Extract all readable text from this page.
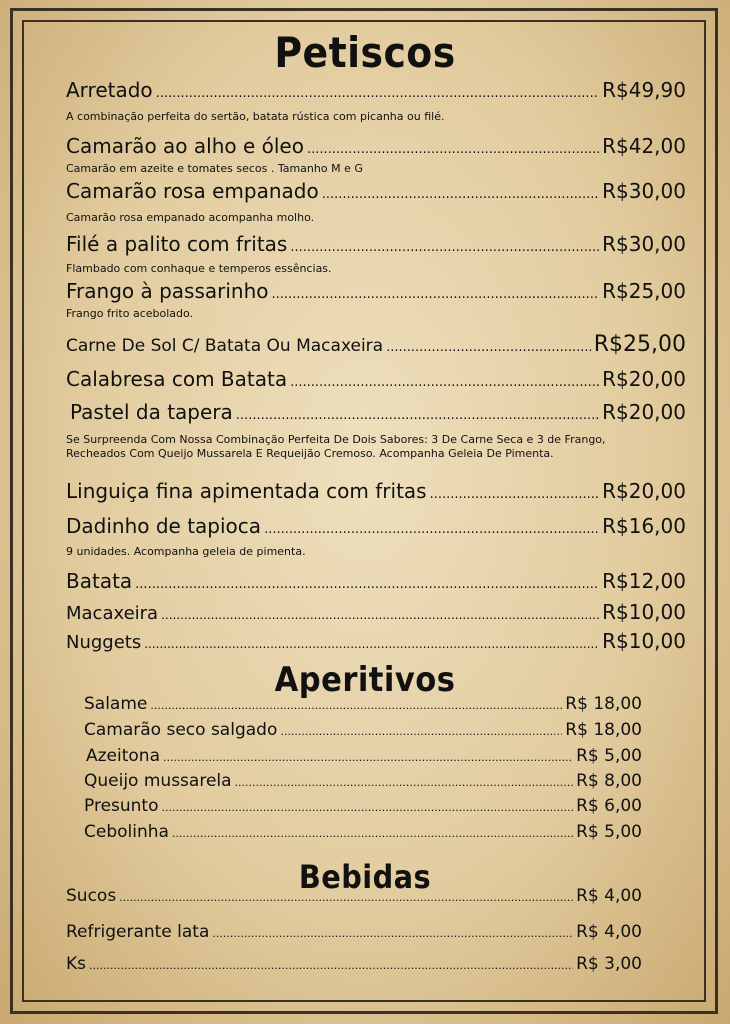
Petiscos
Arretado .....	R$49,90
A combinação perfeita do sertão, batata rústica com picanha ou filé.
Camarão ao alho e óleo .....	R$42,00
Camarão em azeite e tomates secos . Tamanho M e G
Camarão rosa empanado .....	R$30,00
Camarão rosa empanado acompanha molho.
Filé a palito com fritas .....	R$30,00
Flambado com conhaque e temperos essências.
Frango à passarinho .....	R$25,00
Frango frito acebolado.
Carne De Sol C/ Batata Ou Macaxeira .....	R$25,00
Calabresa com Batata .....	R$20,00
Pastel da tapera .....	R$20,00
Se Surpreenda Com Nossa Combinação Perfeita De Dois Sabores: 3 De Carne Seca e 3 de Frango,
Recheados Com Queijo Mussarela E Requeijão Cremoso. Acompanha Geleia De Pimenta.
Linguiça fina apimentada com fritas .....	R$20,00
Dadinho de tapioca .....	R$16,00
9 unidades. Acompanha geleia de pimenta.
Batata .....	R$12,00
Macaxeira .....	R$10,00
Nuggets .....	R$10,00
Aperitivos
Salame .....	R$ 18,00
Camarão seco salgado .....	R$ 18,00
Azeitona .....	R$ 5,00
Queijo mussarela .....	R$ 8,00
Presunto .....	R$ 6,00
Cebolinha .....	R$ 5,00
Bebidas
Sucos .....	R$ 4,00
Refrigerante lata .....	R$ 4,00
Ks .....	R$ 3,00
